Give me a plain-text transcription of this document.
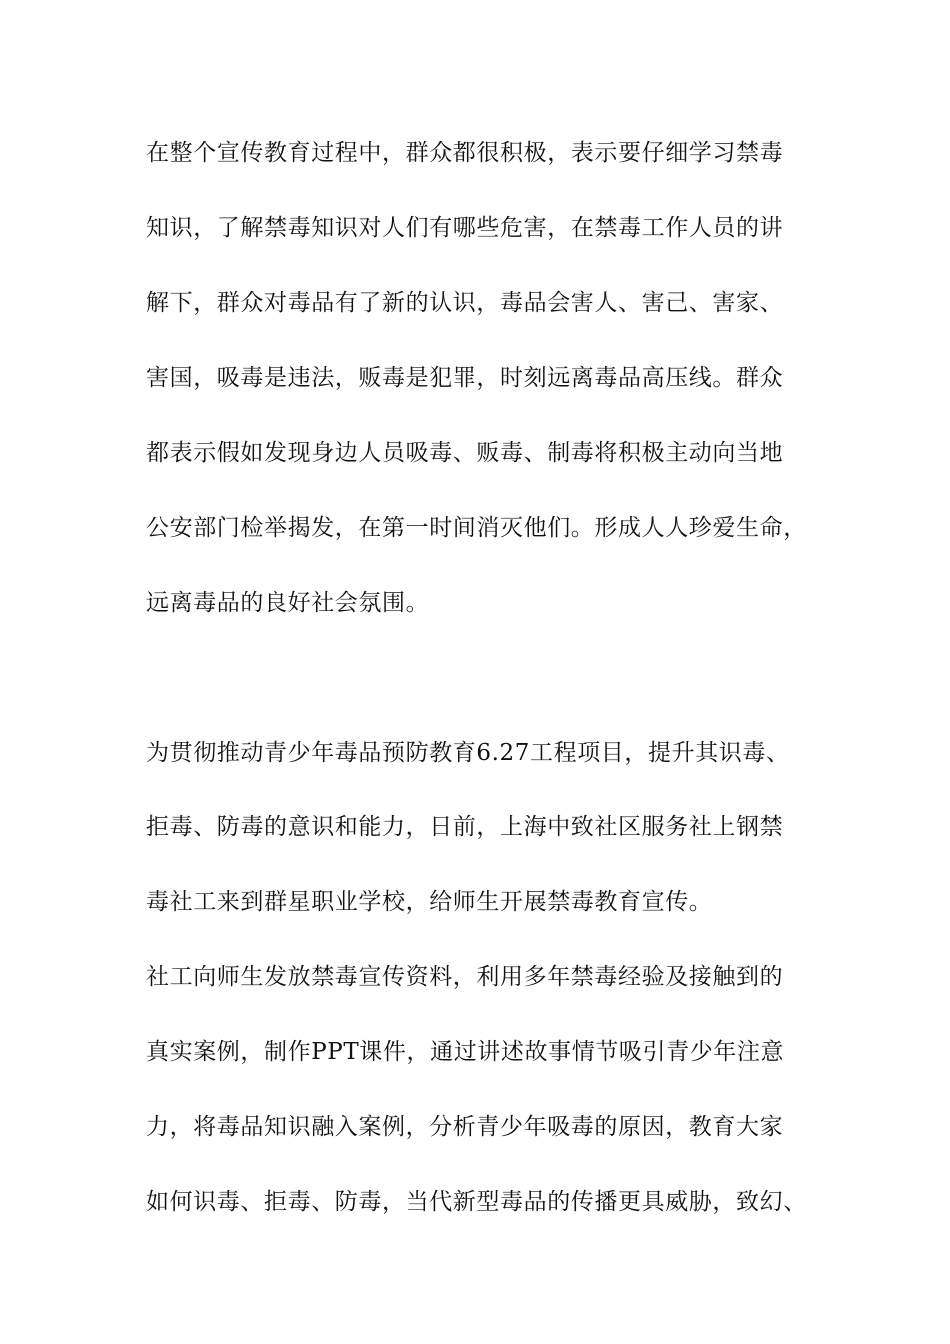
在整个宣传教育过程中，群众都很积极，表示要仔细学习禁毒
知识，了解禁毒知识对人们有哪些危害，在禁毒工作人员的讲
解下，群众对毒品有了新的认识，毒品会害人、害己、害家、
害国，吸毒是违法，贩毒是犯罪，时刻远离毒品高压线。群众
都表示假如发现身边人员吸毒、贩毒、制毒将积极主动向当地
公安部门检举揭发，在第一时间消灭他们。形成人人珍爱生命，
远离毒品的良好社会氛围。
为贯彻推动青少年毒品预防教育6.27工程项目，提升其识毒、
拒毒、防毒的意识和能力，日前，上海中致社区服务社上钢禁
毒社工来到群星职业学校，给师生开展禁毒教育宣传。
社工向师生发放禁毒宣传资料，利用多年禁毒经验及接触到的
真实案例，制作PPT课件，通过讲述故事情节吸引青少年注意
力，将毒品知识融入案例，分析青少年吸毒的原因，教育大家
如何识毒、拒毒、防毒，当代新型毒品的传播更具威胁，致幻、
